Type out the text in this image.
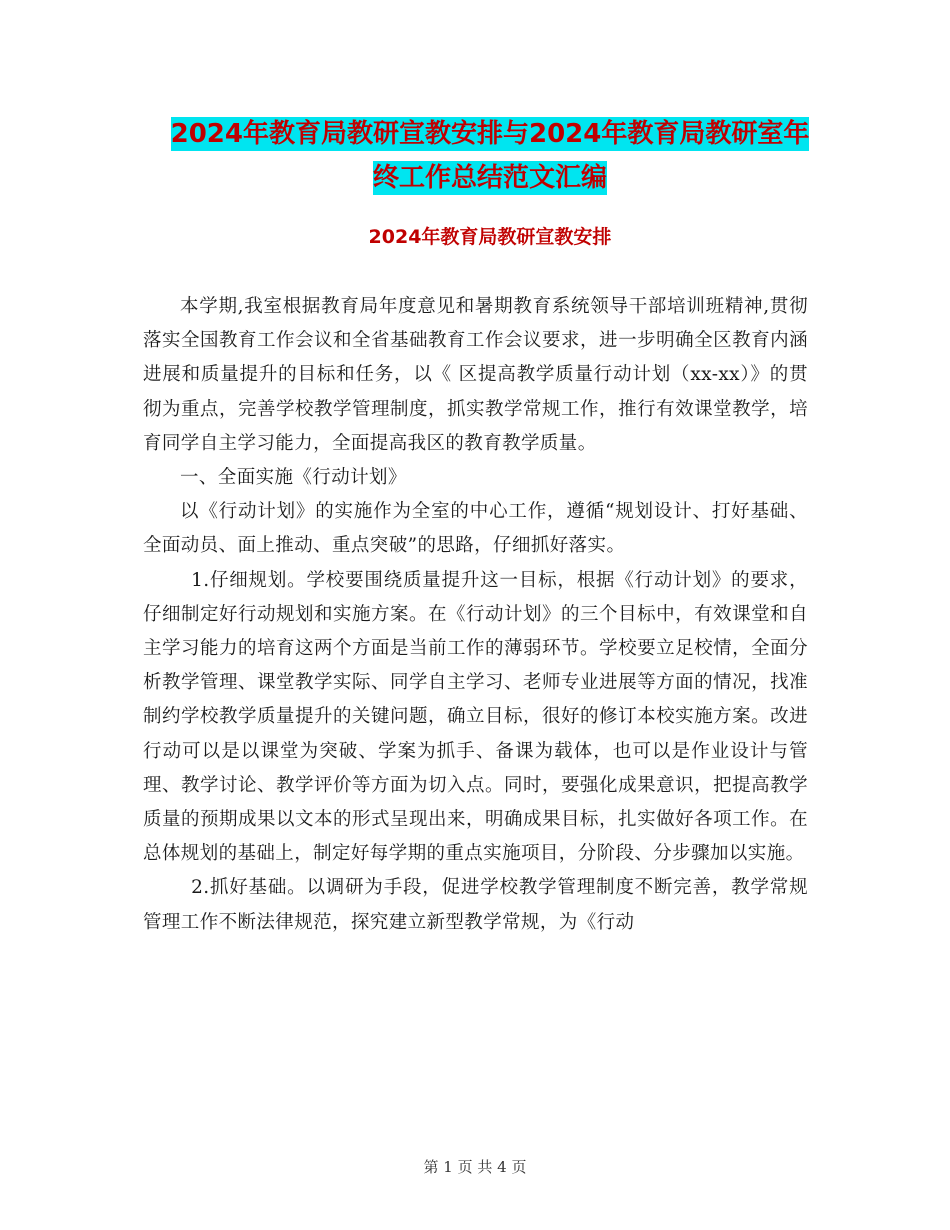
2024年教育局教研宣教安排与2024年教育局教研室年
终工作总结范文汇编
2024年教育局教研宣教安排

本学期,我室根据教育局年度意见和暑期教育系统领导干部培训班精神,贯彻落实全国教育工作会议和全省基础教育工作会议要求，进一步明确全区教育内涵进展和质量提升的目标和任务，以《 区提高教学质量行动计划（xx-xx）》的贯彻为重点，完善学校教学管理制度，抓实教学常规工作，推行有效课堂教学，培育同学自主学习能力，全面提高我区的教育教学质量。

一、全面实施《行动计划》

以《行动计划》的实施作为全室的中心工作，遵循“规划设计、打好基础、全面动员、面上推动、重点突破”的思路，仔细抓好落实。

1.仔细规划。学校要围绕质量提升这一目标，根据《行动计划》的要求，仔细制定好行动规划和实施方案。在《行动计划》的三个目标中，有效课堂和自主学习能力的培育这两个方面是当前工作的薄弱环节。学校要立足校情，全面分析教学管理、课堂教学实际、同学自主学习、老师专业进展等方面的情况，找准制约学校教学质量提升的关键问题，确立目标，很好的修订本校实施方案。改进行动可以是以课堂为突破、学案为抓手、备课为载体，也可以是作业设计与管理、教学讨论、教学评价等方面为切入点。同时，要强化成果意识，把提高教学质量的预期成果以文本的形式呈现出来，明确成果目标，扎实做好各项工作。在总体规划的基础上，制定好每学期的重点实施项目，分阶段、分步骤加以实施。

2.抓好基础。以调研为手段，促进学校教学管理制度不断完善，教学常规管理工作不断法律规范，探究建立新型教学常规，为《行动

第 1 页 共 4 页
